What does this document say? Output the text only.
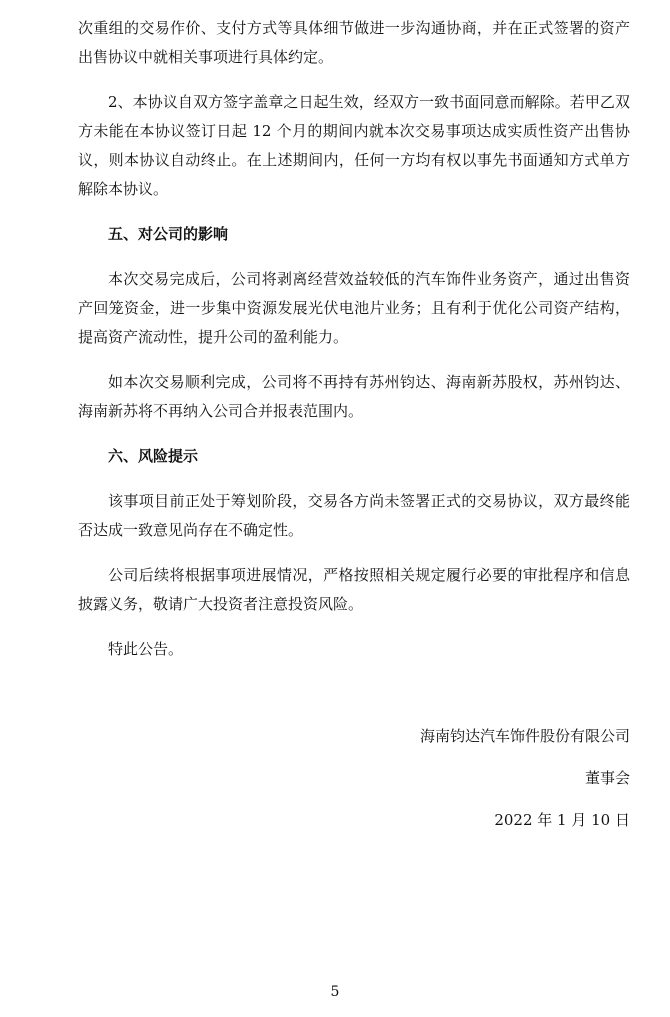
次重组的交易作价、支付方式等具体细节做进一步沟通协商，并在正式签署的资产出售协议中就相关事项进行具体约定。

2、本协议自双方签字盖章之日起生效，经双方一致书面同意而解除。若甲乙双方未能在本协议签订日起 12 个月的期间内就本次交易事项达成实质性资产出售协议，则本协议自动终止。在上述期间内，任何一方均有权以事先书面通知方式单方解除本协议。

五、对公司的影响

本次交易完成后，公司将剥离经营效益较低的汽车饰件业务资产，通过出售资产回笼资金，进一步集中资源发展光伏电池片业务；且有利于优化公司资产结构，提高资产流动性，提升公司的盈利能力。

如本次交易顺利完成，公司将不再持有苏州钧达、海南新苏股权，苏州钧达、海南新苏将不再纳入公司合并报表范围内。

六、风险提示

该事项目前正处于筹划阶段，交易各方尚未签署正式的交易协议，双方最终能否达成一致意见尚存在不确定性。

公司后续将根据事项进展情况，严格按照相关规定履行必要的审批程序和信息披露义务，敬请广大投资者注意投资风险。

特此公告。

海南钧达汽车饰件股份有限公司
董事会
2022 年 1 月 10 日
5
